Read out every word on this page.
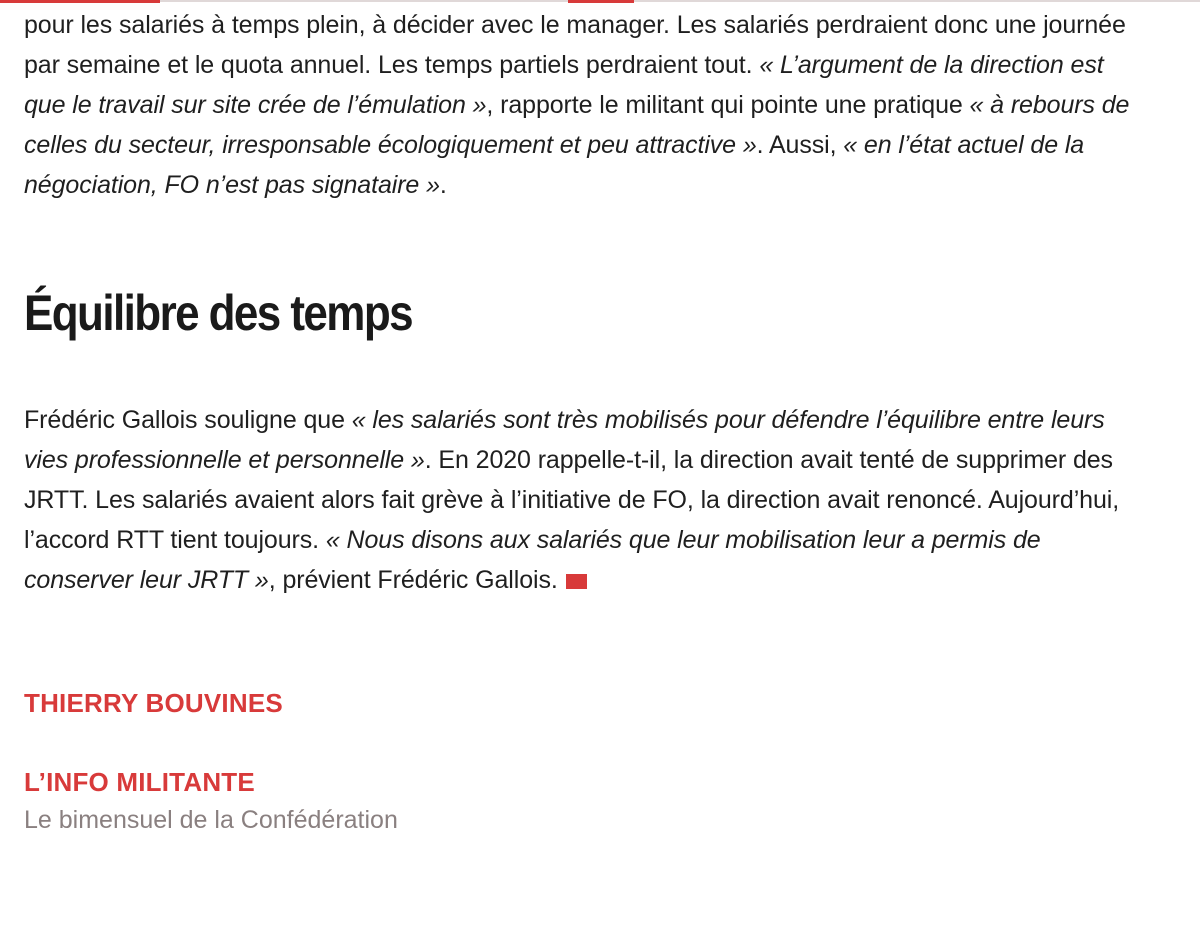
pour les salariés à temps plein, à décider avec le manager. Les salariés perdraient donc une journée par semaine et le quota annuel. Les temps partiels perdraient tout. « L’argument de la direction est que le travail sur site crée de l’émulation », rapporte le militant qui pointe une pratique « à rebours de celles du secteur, irresponsable écologiquement et peu attractive ». Aussi, « en l’état actuel de la négociation, FO n’est pas signataire ».

Équilibre des temps

Frédéric Gallois souligne que « les salariés sont très mobilisés pour défendre l’équilibre entre leurs vies professionnelle et personnelle ». En 2020 rappelle-t-il, la direction avait tenté de supprimer des JRTT. Les salariés avaient alors fait grève à l’initiative de FO, la direction avait renoncé. Aujourd’hui, l’accord RTT tient toujours. « Nous disons aux salariés que leur mobilisation leur a permis de conserver leur JRTT », prévient Frédéric Gallois.

THIERRY BOUVINES
L’INFO MILITANTE
Le bimensuel de la Confédération
